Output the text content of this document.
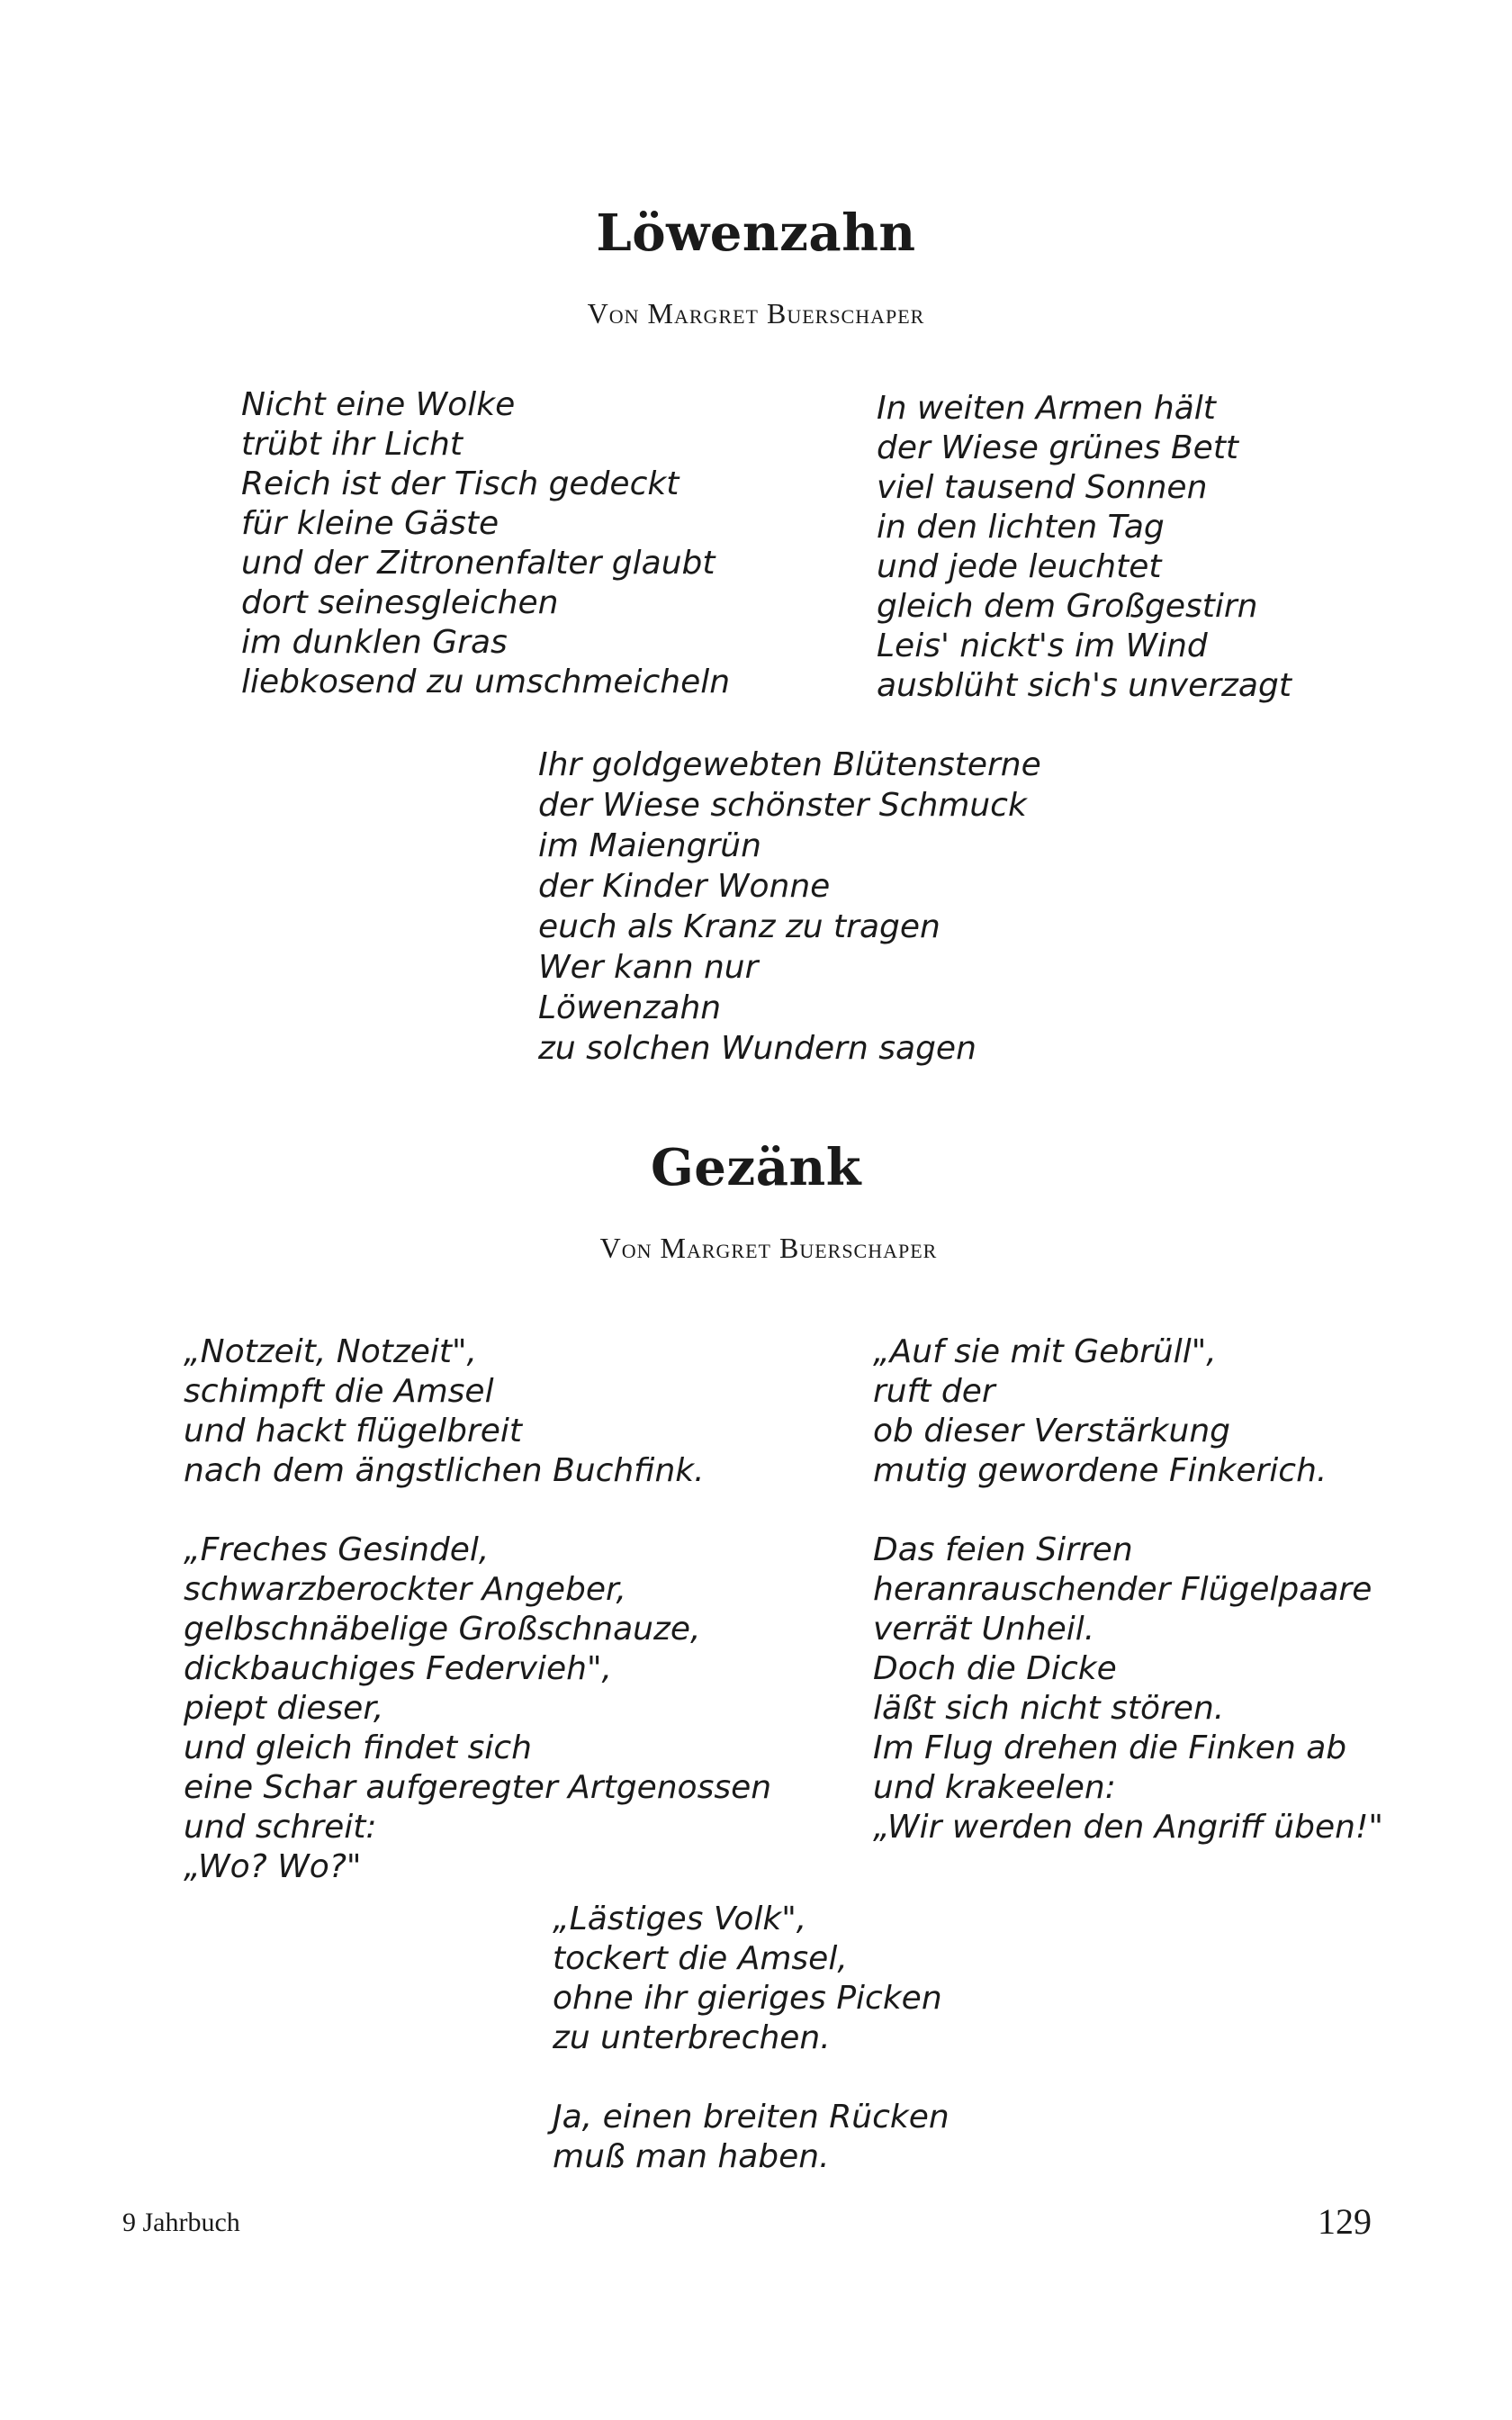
Löwenzahn
Von Margret Buerschaper
Nicht eine Wolke
trübt ihr Licht
Reich ist der Tisch gedeckt
für kleine Gäste
und der Zitronenfalter glaubt
dort seinesgleichen
im dunklen Gras
liebkosend zu umschmeicheln
In weiten Armen hält
der Wiese grünes Bett
viel tausend Sonnen
in den lichten Tag
und jede leuchtet
gleich dem Großgestirn
Leis' nickt's im Wind
ausblüht sich's unverzagt
Ihr goldgewebten Blütensterne
der Wiese schönster Schmuck
im Maiengrün
der Kinder Wonne
euch als Kranz zu tragen
Wer kann nur
Löwenzahn
zu solchen Wundern sagen
Gezänk
Von Margret Buerschaper
„Notzeit, Notzeit",
schimpft die Amsel
und hackt flügelbreit
nach dem ängstlichen Buchfink.
„Freches Gesindel,
schwarzberockter Angeber,
gelbschnäbelige Großschnauze,
dickbauchiges Federvieh",
piept dieser,
und gleich findet sich
eine Schar aufgeregter Artgenossen
und schreit:
„Wo? Wo?"
„Auf sie mit Gebrüll",
ruft der
ob dieser Verstärkung
mutig gewordene Finkerich.
Das feien Sirren
heranrauschender Flügelpaare
verrät Unheil.
Doch die Dicke
läßt sich nicht stören.
Im Flug drehen die Finken ab
und krakeelen:
„Wir werden den Angriff üben!"
„Lästiges Volk",
tockert die Amsel,
ohne ihr gieriges Picken
zu unterbrechen.
Ja, einen breiten Rücken
muß man haben.
9 Jahrbuch	129
